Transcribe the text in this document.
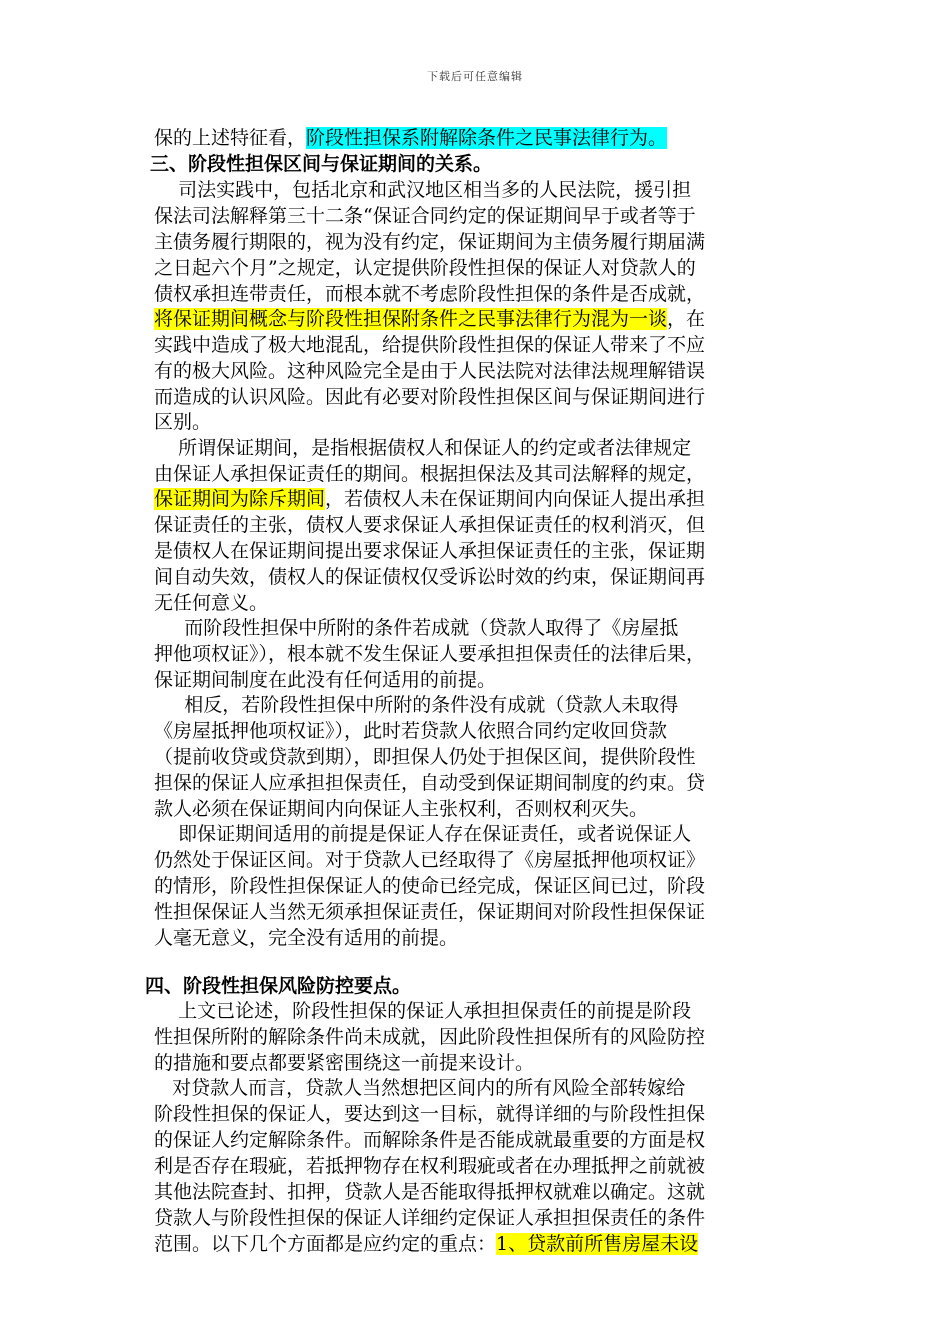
下载后可任意编辑
保的上述特征看，阶段性担保系附解除条件之民事法律行为。
三、阶段性担保区间与保证期间的关系。
司法实践中，包括北京和武汉地区相当多的人民法院，援引担
保法司法解释第三十二条“保证合同约定的保证期间早于或者等于
主债务履行期限的，视为没有约定，保证期间为主债务履行期届满
之日起六个月”之规定，认定提供阶段性担保的保证人对贷款人的
债权承担连带责任，而根本就不考虑阶段性担保的条件是否成就，
将保证期间概念与阶段性担保附条件之民事法律行为混为一谈，在
实践中造成了极大地混乱，给提供阶段性担保的保证人带来了不应
有的极大风险。这种风险完全是由于人民法院对法律法规理解错误
而造成的认识风险。因此有必要对阶段性担保区间与保证期间进行
区别。
所谓保证期间，是指根据债权人和保证人的约定或者法律规定
由保证人承担保证责任的期间。根据担保法及其司法解释的规定，
保证期间为除斥期间，若债权人未在保证期间内向保证人提出承担
保证责任的主张，债权人要求保证人承担保证责任的权利消灭，但
是债权人在保证期间提出要求保证人承担保证责任的主张，保证期
间自动失效，债权人的保证债权仅受诉讼时效的约束，保证期间再
无任何意义。
而阶段性担保中所附的条件若成就（贷款人取得了《房屋抵
押他项权证》），根本就不发生保证人要承担担保责任的法律后果，
保证期间制度在此没有任何适用的前提。
相反，若阶段性担保中所附的条件没有成就（贷款人未取得
《房屋抵押他项权证》），此时若贷款人依照合同约定收回贷款
（提前收贷或贷款到期），即担保人仍处于担保区间，提供阶段性
担保的保证人应承担担保责任，自动受到保证期间制度的约束。贷
款人必须在保证期间内向保证人主张权利，否则权利灭失。
即保证期间适用的前提是保证人存在保证责任，或者说保证人
仍然处于保证区间。对于贷款人已经取得了《房屋抵押他项权证》
的情形，阶段性担保保证人的使命已经完成，保证区间已过，阶段
性担保保证人当然无须承担保证责任，保证期间对阶段性担保保证
人毫无意义，完全没有适用的前提。
四、阶段性担保风险防控要点。
上文已论述，阶段性担保的保证人承担担保责任的前提是阶段
性担保所附的解除条件尚未成就，因此阶段性担保所有的风险防控
的措施和要点都要紧密围绕这一前提来设计。
对贷款人而言，贷款人当然想把区间内的所有风险全部转嫁给
阶段性担保的保证人，要达到这一目标，就得详细的与阶段性担保
的保证人约定解除条件。而解除条件是否能成就最重要的方面是权
利是否存在瑕疵，若抵押物存在权利瑕疵或者在办理抵押之前就被
其他法院查封、扣押，贷款人是否能取得抵押权就难以确定。这就
贷款人与阶段性担保的保证人详细约定保证人承担担保责任的条件
范围。以下几个方面都是应约定的重点：1、贷款前所售房屋未设
